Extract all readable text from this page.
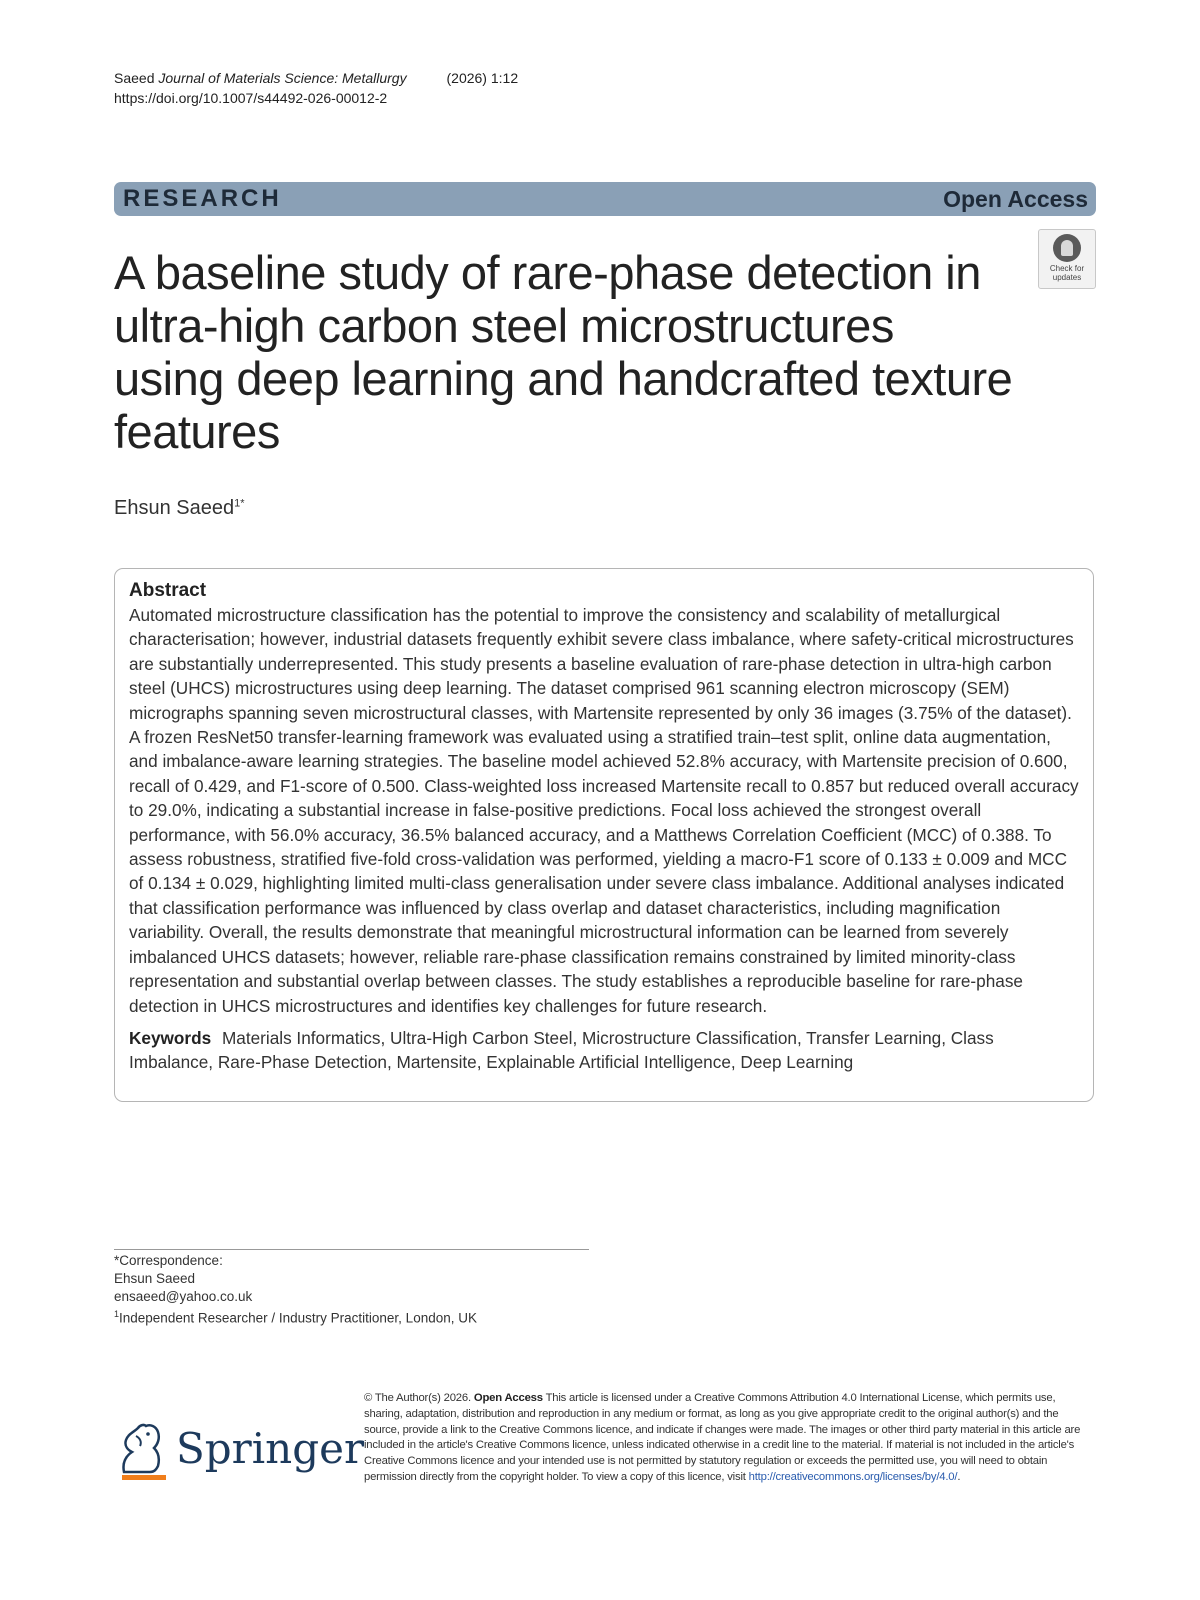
Saeed Journal of Materials Science: Metallurgy	(2026) 1:12
https://doi.org/10.1007/s44492-026-00012-2
RESEARCH	Open Access
Check for updates
A baseline study of rare-phase detection in ultra-high carbon steel microstructures using deep learning and handcrafted texture features
Ehsun Saeed$^{1*}$
Abstract
Automated microstructure classification has the potential to improve the consistency and scalability of metallurgical characterisation; however, industrial datasets frequently exhibit severe class imbalance, where safety-critical microstructures are substantially underrepresented. This study presents a baseline evaluation of rare-phase detection in ultra-high carbon steel (UHCS) microstructures using deep learning. The dataset comprised 961 scanning electron microscopy (SEM) micrographs spanning seven microstructural classes, with Martensite represented by only 36 images (3.75% of the dataset). A frozen ResNet50 transfer-learning framework was evaluated using a stratified train–test split, online data augmentation, and imbalance-aware learning strategies. The baseline model achieved 52.8% accuracy, with Martensite precision of 0.600, recall of 0.429, and F1-score of 0.500. Class-weighted loss increased Martensite recall to 0.857 but reduced overall accuracy to 29.0%, indicating a substantial increase in false-positive predictions. Focal loss achieved the strongest overall performance, with 56.0% accuracy, 36.5% balanced accuracy, and a Matthews Correlation Coefficient (MCC) of 0.388. To assess robustness, stratified five-fold cross-validation was performed, yielding a macro-F1 score of 0.133 ± 0.009 and MCC of 0.134 ± 0.029, highlighting limited multi-class generalisation under severe class imbalance. Additional analyses indicated that classification performance was influenced by class overlap and dataset characteristics, including magnification variability. Overall, the results demonstrate that meaningful microstructural information can be learned from severely imbalanced UHCS datasets; however, reliable rare-phase classification remains constrained by limited minority-class representation and substantial overlap between classes. The study establishes a reproducible baseline for rare-phase detection in UHCS microstructures and identifies key challenges for future research.
Keywords Materials Informatics, Ultra-High Carbon Steel, Microstructure Classification, Transfer Learning, Class Imbalance, Rare-Phase Detection, Martensite, Explainable Artificial Intelligence, Deep Learning
*Correspondence:
Ehsun Saeed
ensaeed@yahoo.co.uk
$^1$Independent Researcher / Industry Practitioner, London, UK
Springer
© The Author(s) 2026. Open Access This article is licensed under a Creative Commons Attribution 4.0 International License, which permits use, sharing, adaptation, distribution and reproduction in any medium or format, as long as you give appropriate credit to the original author(s) and the source, provide a link to the Creative Commons licence, and indicate if changes were made. The images or other third party material in this article are included in the article's Creative Commons licence, unless indicated otherwise in a credit line to the material. If material is not included in the article's Creative Commons licence and your intended use is not permitted by statutory regulation or exceeds the permitted use, you will need to obtain permission directly from the copyright holder. To view a copy of this licence, visit http://creativecommons.org/licenses/by/4.0/.
